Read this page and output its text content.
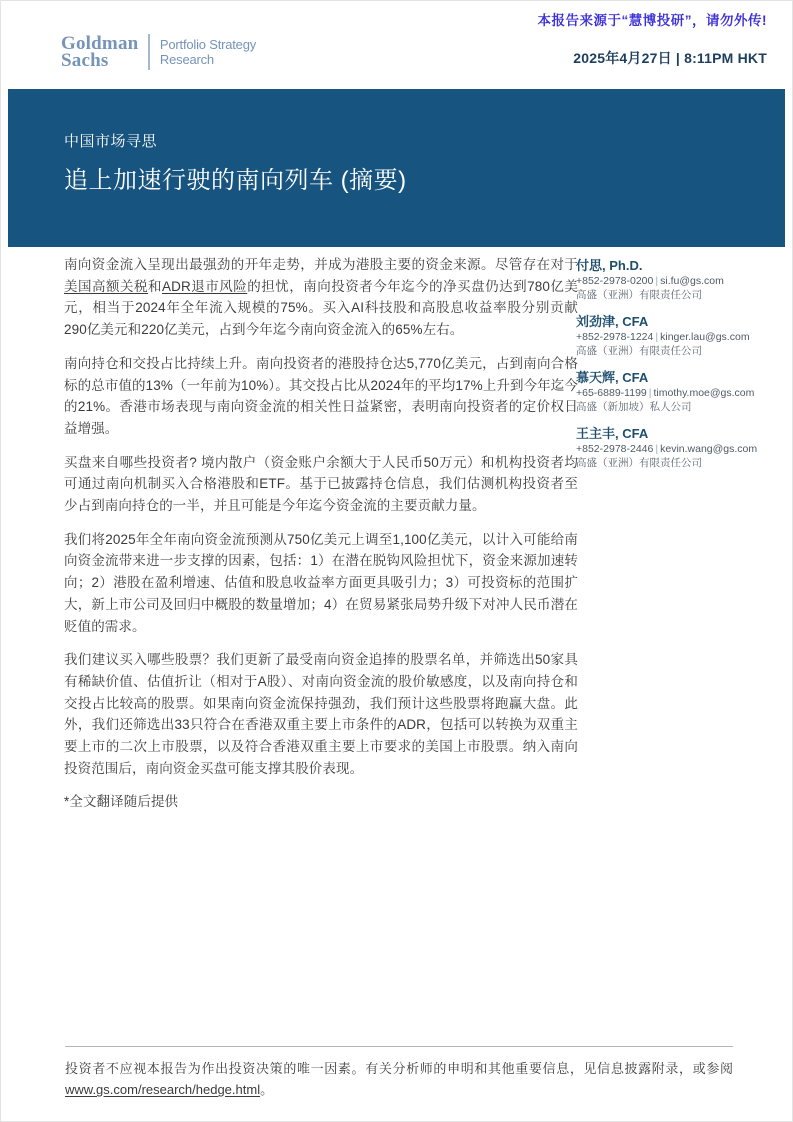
本报告来源于“慧博投研”，请勿外传!
Goldman
Sachs
Portfolio Strategy
Research	2025年4月27日 | 8:11PM HKT
中国市场寻思
追上加速行驶的南向列车 (摘要)

南向资金流入呈现出最强劲的开年走势，并成为港股主要的资金来源。尽管存在对于美国高额关税和ADR退市风险的担忧，南向投资者今年迄今的净买盘仍达到780亿美元，相当于2024年全年流入规模的75%。买入AI科技股和高股息收益率股分别贡献290亿美元和220亿美元，占到今年迄今南向资金流入的65%左右。

南向持仓和交投占比持续上升。南向投资者的港股持仓达5,770亿美元，占到南向合格标的总市值的13%（一年前为10%）。其交投占比从2024年的平均17%上升到今年迄今的21%。香港市场表现与南向资金流的相关性日益紧密，表明南向投资者的定价权日益增强。

买盘来自哪些投资者? 境内散户（资金账户余额大于人民币50万元）和机构投资者均可通过南向机制买入合格港股和ETF。基于已披露持仓信息，我们估测机构投资者至少占到南向持仓的一半，并且可能是今年迄今资金流的主要贡献力量。

我们将2025年全年南向资金流预测从750亿美元上调至1,100亿美元，以计入可能给南向资金流带来进一步支撑的因素，包括：1）在潜在脱钩风险担忧下，资金来源加速转向；2）港股在盈利增速、估值和股息收益率方面更具吸引力；3）可投资标的范围扩大，新上市公司及回归中概股的数量增加；4）在贸易紧张局势升级下对冲人民币潜在贬值的需求。

我们建议买入哪些股票？我们更新了最受南向资金追捧的股票名单，并筛选出50家具有稀缺价值、估值折让（相对于A股）、对南向资金流的股价敏感度，以及南向持仓和交投占比较高的股票。如果南向资金流保持强劲，我们预计这些股票将跑赢大盘。此外，我们还筛选出33只符合在香港双重主要上市条件的ADR，包括可以转换为双重主要上市的二次上市股票，以及符合香港双重主要上市要求的美国上市股票。纳入南向投资范围后，南向资金买盘可能支撑其股价表现。

*全文翻译随后提供

付思, Ph.D.
+852-2978-0200 | si.fu@gs.com
高盛（亚洲）有限责任公司
刘劲津, CFA
+852-2978-1224 | kinger.lau@gs.com
高盛（亚洲）有限责任公司
慕天辉, CFA
+65-6889-1199 | timothy.moe@gs.com
高盛（新加坡）私人公司
王主丰, CFA
+852-2978-2446 | kevin.wang@gs.com
高盛（亚洲）有限责任公司
投资者不应视本报告为作出投资决策的唯一因素。有关分析师的申明和其他重要信息，见信息披露附录，或参阅 www.gs.com/research/hedge.html。
